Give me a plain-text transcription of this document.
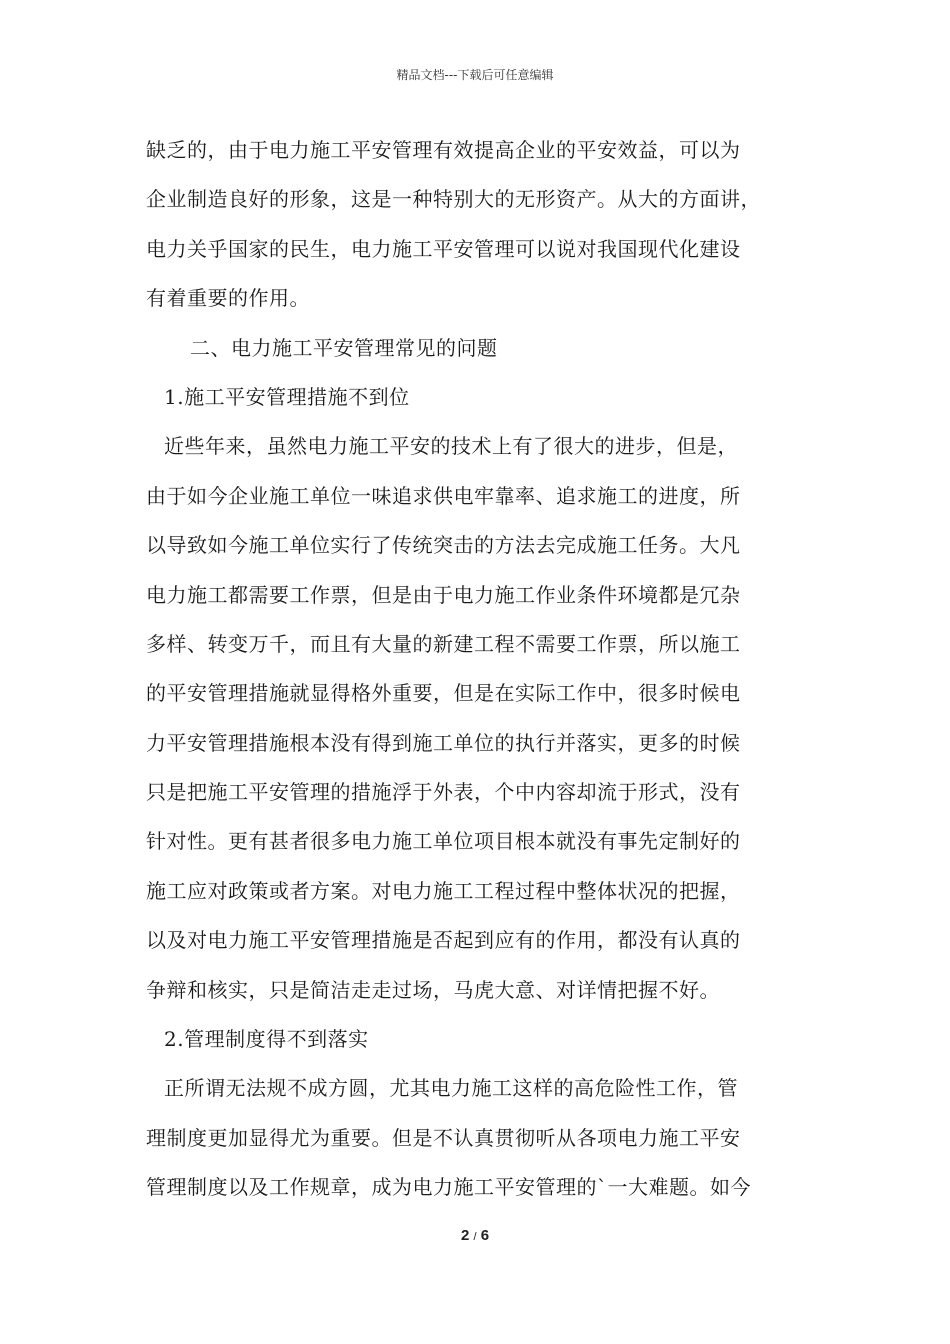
精品文档---下载后可任意编辑
缺乏的，由于电力施工平安管理有效提高企业的平安效益，可以为
企业制造良好的形象，这是一种特别大的无形资产。从大的方面讲，
电力关乎国家的民生，电力施工平安管理可以说对我国现代化建设
有着重要的作用。
二、电力施工平安管理常见的问题
1.施工平安管理措施不到位
近些年来，虽然电力施工平安的技术上有了很大的进步，但是，
由于如今企业施工单位一味追求供电牢靠率、追求施工的进度，所
以导致如今施工单位实行了传统突击的方法去完成施工任务。大凡
电力施工都需要工作票，但是由于电力施工作业条件环境都是冗杂
多样、转变万千，而且有大量的新建工程不需要工作票，所以施工
的平安管理措施就显得格外重要，但是在实际工作中，很多时候电
力平安管理措施根本没有得到施工单位的执行并落实，更多的时候
只是把施工平安管理的措施浮于外表，个中内容却流于形式，没有
针对性。更有甚者很多电力施工单位项目根本就没有事先定制好的
施工应对政策或者方案。对电力施工工程过程中整体状况的把握，
以及对电力施工平安管理措施是否起到应有的作用，都没有认真的
争辩和核实，只是简洁走走过场，马虎大意、对详情把握不好。
2.管理制度得不到落实
正所谓无法规不成方圆，尤其电力施工这样的高危险性工作，管
理制度更加显得尤为重要。但是不认真贯彻听从各项电力施工平安
管理制度以及工作规章，成为电力施工平安管理的`一大难题。如今
2 / 6
